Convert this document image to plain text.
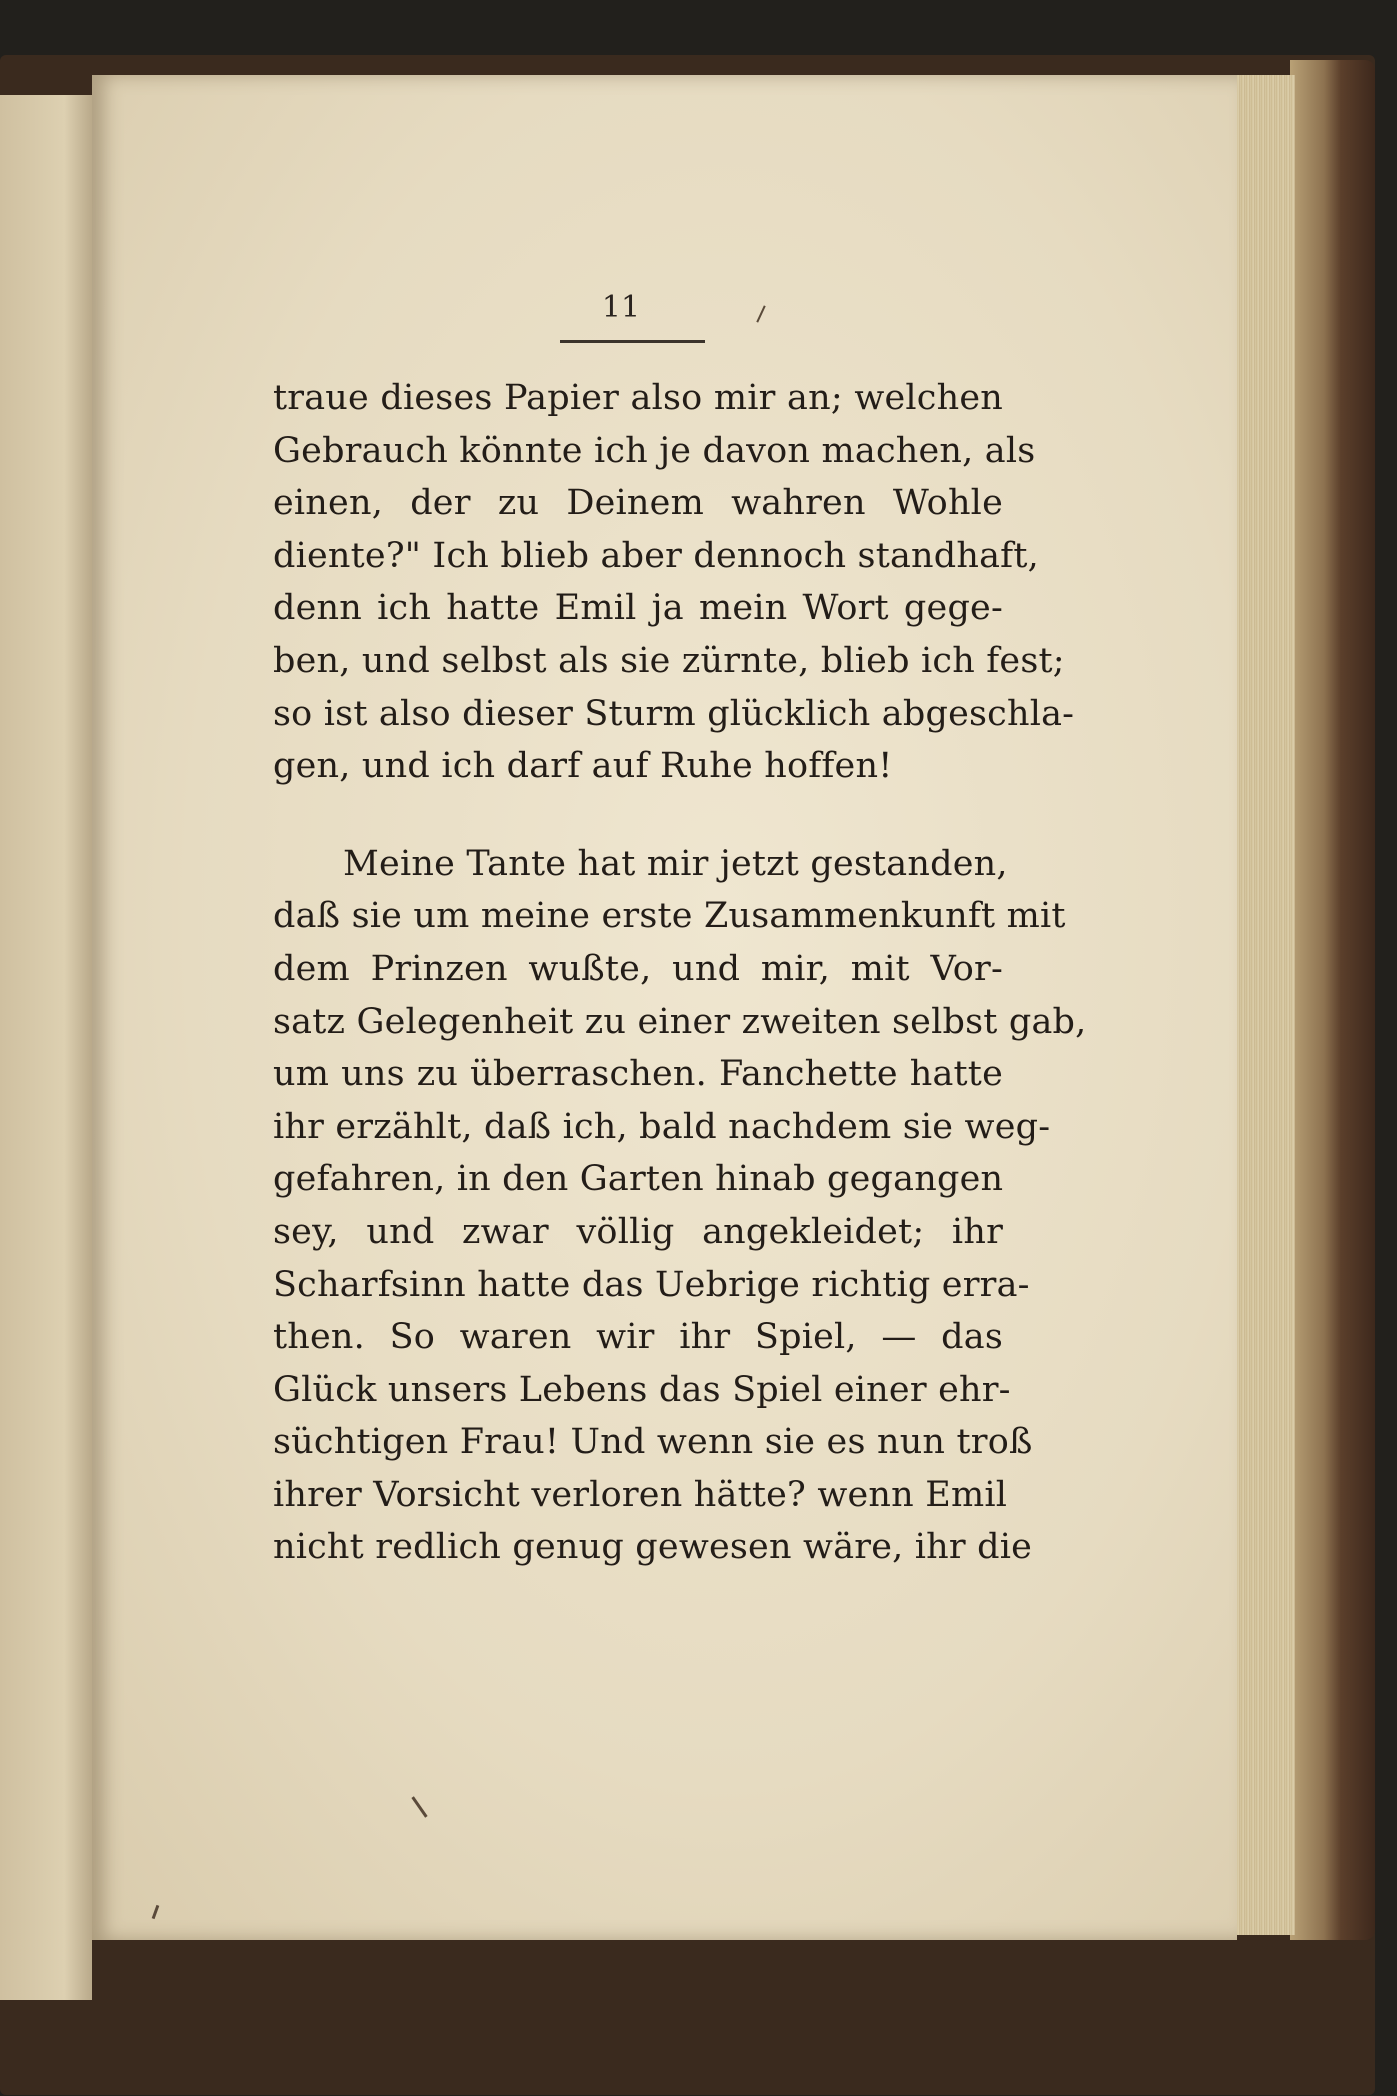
11
traue dieses Papier also mir an; welchen
Gebrauch könnte ich je davon machen, als
einen, der zu Deinem wahren Wohle
diente?" Ich blieb aber dennoch standhaft,
denn ich hatte Emil ja mein Wort gege-
ben, und selbst als sie zürnte, blieb ich fest;
so ist also dieser Sturm glücklich abgeschla-
gen, und ich darf auf Ruhe hoffen!
Meine Tante hat mir jetzt gestanden,
daß sie um meine erste Zusammenkunft mit
dem Prinzen wußte, und mir, mit Vor-
satz Gelegenheit zu einer zweiten selbst gab,
um uns zu überraschen. Fanchette hatte
ihr erzählt, daß ich, bald nachdem sie weg-
gefahren, in den Garten hinab gegangen
sey, und zwar völlig angekleidet; ihr
Scharfsinn hatte das Uebrige richtig erra-
then. So waren wir ihr Spiel, — das
Glück unsers Lebens das Spiel einer ehr-
süchtigen Frau! Und wenn sie es nun troß
ihrer Vorsicht verloren hätte? wenn Emil
nicht redlich genug gewesen wäre, ihr die
